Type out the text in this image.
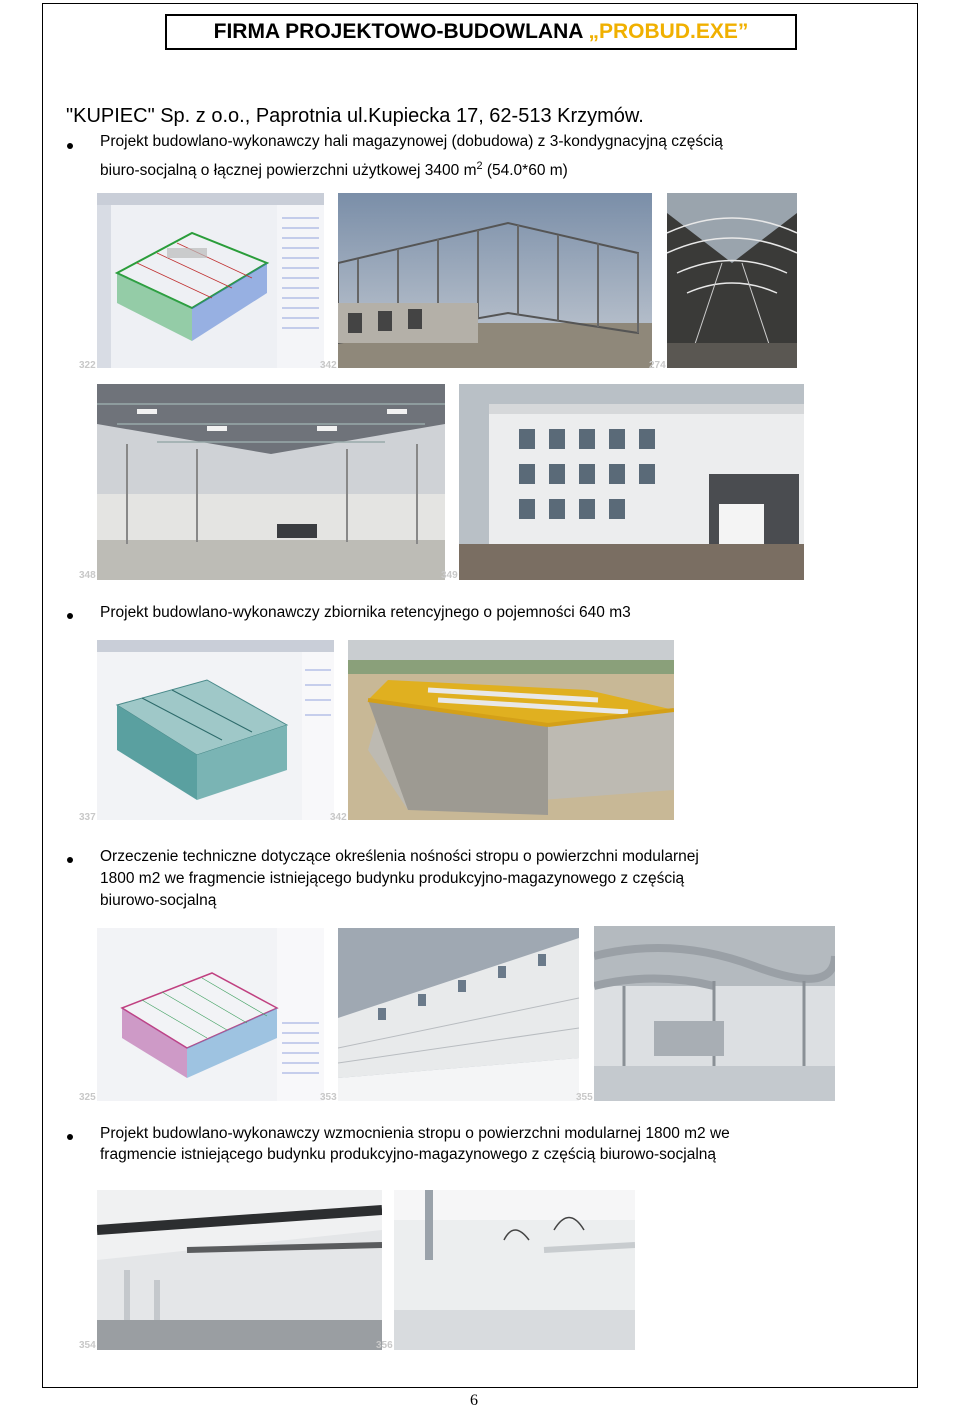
FIRMA PROJEKTOWO-BUDOWLANA „PROBUD.EXE”
"KUPIEC" Sp. z o.o., Paprotnia ul.Kupiecka 17, 62-513 Krzymów.
Projekt budowlano-wykonawczy hali magazynowej (dobudowa) z 3-kondygnacyjną częścią
biuro-socjalną o łącznej powierzchni użytkowej 3400 $m^2$ (54.0*60 m)
322	342	274
348	349
Projekt budowlano-wykonawczy zbiornika retencyjnego o pojemności 640 m3
337	342
Orzeczenie techniczne dotyczące określenia nośności stropu o powierzchni modularnej
1800 m2 we fragmencie istniejącego budynku produkcyjno-magazynowego z częścią
biurowo-socjalną
325	353	355
Projekt budowlano-wykonawczy wzmocnienia stropu o powierzchni modularnej 1800 m2 we
fragmencie istniejącego budynku produkcyjno-magazynowego z częścią biurowo-socjalną
354	356
6
